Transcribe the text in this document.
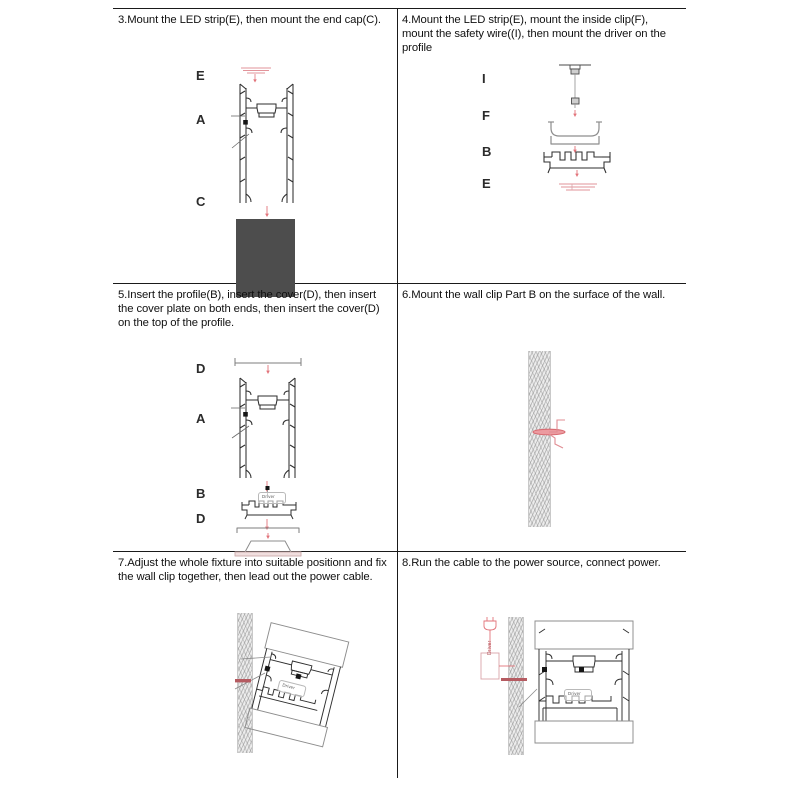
3.Mount the LED strip(E), then mount the end cap(C).
E
A
C
4.Mount the LED strip(E), mount the inside clip(F), mount the safety wire((I), then mount the driver on the profile
I
F
B
E
5.Insert the profile(B), insert the cover(D), then insert the cover plate on both ends, then insert the cover(D) on the top of the profile.
D
A
B
D
Driver
6.Mount the wall clip Part B on the surface of the wall.
7.Adjust the whole fixture into suitable positionn and fix the wall clip together, then lead out the power cable.
Driver
8.Run the cable to the power source, connect power.
Driver
Driver
